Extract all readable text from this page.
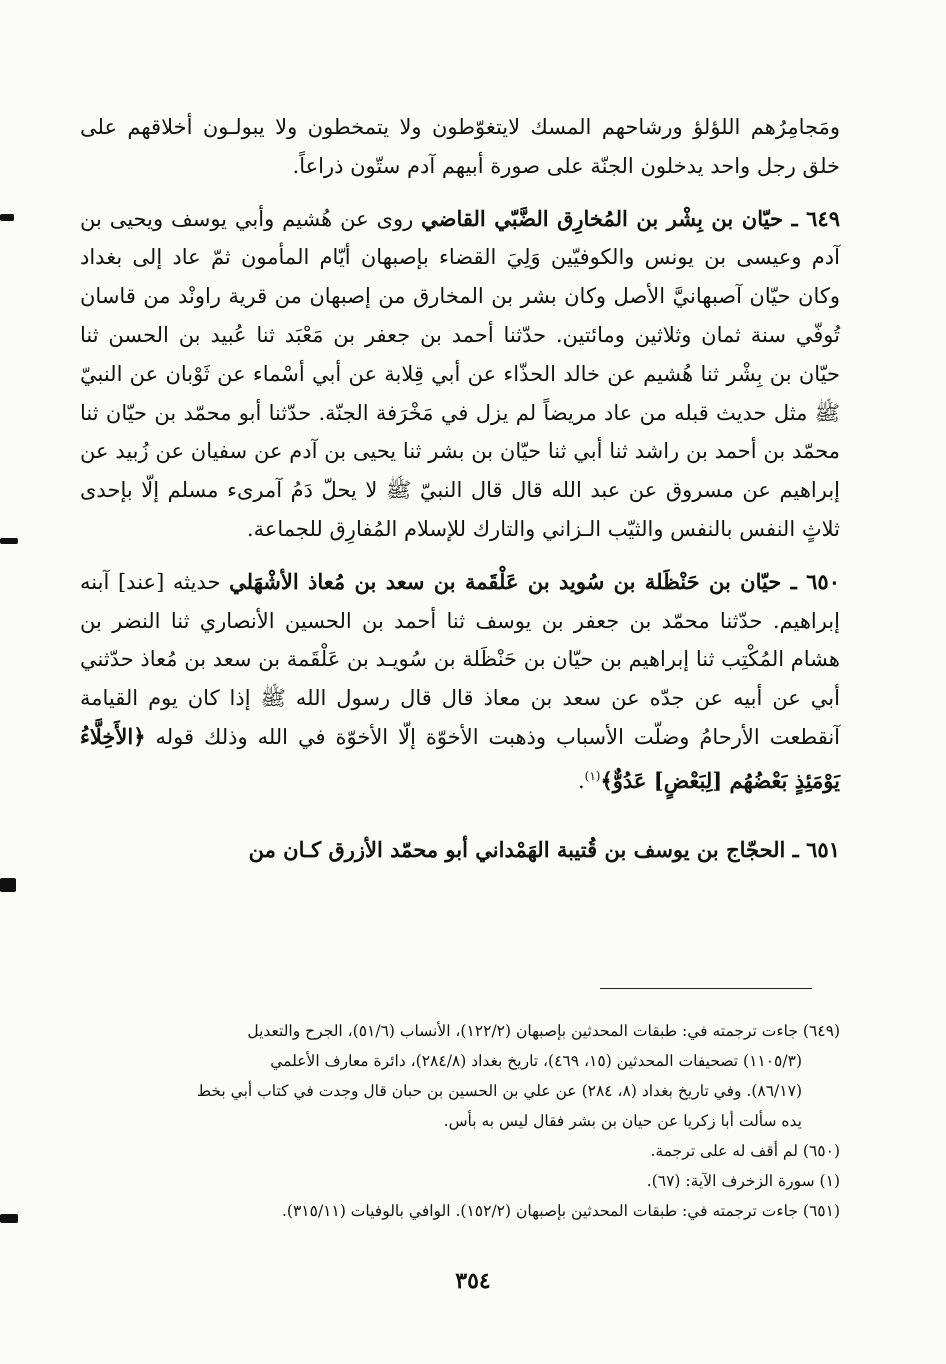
ومَجامِرُهم اللؤلؤ ورشاحهم المسك لايتغوّطون ولا يتمخطون ولا يبولـون أخلاقهم على خلق رجل واحد يدخلون الجنّة على صورة أبيهم آدم ستّون ذراعاً.

٦٤٩ ـ حيّان بن بِشْر بن المُخارِق الضَّبّي القاضي روى عن هُشيم وأبي يوسف ويحيى بن آدم وعيسى بن يونس والكوفيّين وَلِيَ القضاء بإصبهان أيّام المأمون ثمّ عاد إلى بغداد وكان حيّان آصبهانيَّ الأصل وكان بشر بن المخارق من إصبهان من قرية راونْد من قاسان تُوفّي سنة ثمان وثلاثين ومائتين. حدّثنا أحمد بن جعفر بن مَعْبَد ثنا عُبيد بن الحسن ثنا حيّان بن بِشْر ثنا هُشيم عن خالد الحذّاء عن أبي قِلابة عن أبي أسْماء عن ثَوْبان عن النبيّ ﷺ مثل حديث قبله من عاد مريضاً لم يزل في مَخْرَفة الجنّة. حدّثنا أبو محمّد بن حيّان ثنا محمّد بن أحمد بن راشد ثنا أبي ثنا حيّان بن بشر ثنا يحيى بن آدم عن سفيان عن زُبيد عن إبراهيم عن مسروق عن عبد الله قال قال النبيّ ﷺ لا يحلّ دَمُ آمرىء مسلم إلّا بإحدى ثلاثٍ النفس بالنفس والثيّب الـزاني والتارك للإسلام المُفارِق للجماعة.

٦٥٠ ـ حيّان بن حَنْظَلة بن سُويد بن عَلْقَمة بن سعد بن مُعاذ الأشْهَلي حديثه [عند] آبنه إبراهيم. حدّثنا محمّد بن جعفر بن يوسف ثنا أحمد بن الحسين الأنصاري ثنا النضر بن هشام المُكْتِب ثنا إبراهيم بن حيّان بن حَنْظَلة بن سُويـد بن عَلْقَمة بن سعد بن مُعاذ حدّثني أبي عن أبيه عن جدّه عن سعد بن معاذ قال قال رسول الله ﷺ إذا كان يوم القيامة آنقطعت الأرحامُ وضلّت الأسباب وذهبت الأخوّة إلّا الأخوّة في الله وذلك قوله ﴿الأَخِلَّاءُ يَوْمَئِذٍ بَعْضُهُم [لِبَعْضٍ] عَدُوٌّ﴾$^{(١)}$.

٦٥١ ـ الحجّاج بن يوسف بن قُتيبة الهَمْداني أبو محمّد الأزرق كـان من

(٦٤٩) جاءت ترجمته في: طبقات المحدثين بإصبهان (١٢٢/٢)، الأنساب (٥١/٦)، الجرح والتعديل
(١١٠٥/٣) تصحيفات المحدثين (١٥، ٤٦٩)، تاريخ بغداد (٢٨٤/٨)، دائرة معارف الأعلمي
(٨٦/١٧). وفي تاريخ بغداد (٨، ٢٨٤) عن علي بن الحسين بن حبان قال وجدت في كتاب أبي بخط
يده سألت أبا زكريا عن حيان بن بشر فقال ليس به بأس.

(٦٥٠) لم أقف له على ترجمة.

(١) سورة الزخرف الآية: (٦٧).

(٦٥١) جاءت ترجمته في: طبقات المحدثين بإصبهان (١٥٢/٢). الوافي بالوفيات (٣١٥/١١).

٣٥٤
